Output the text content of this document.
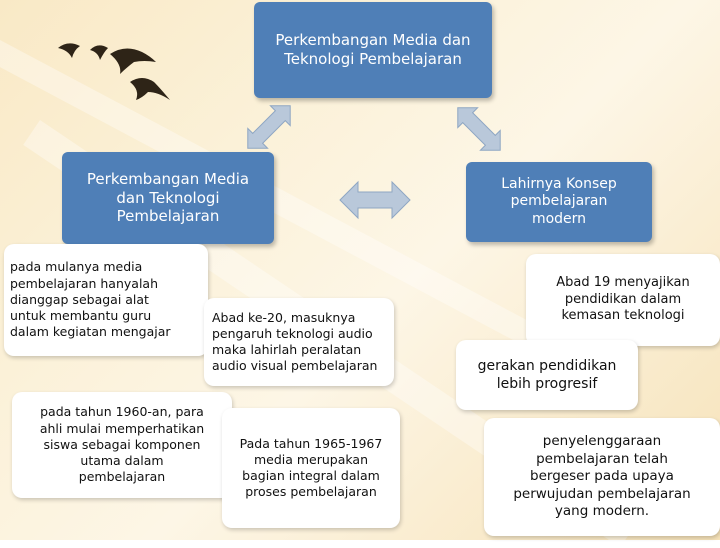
Perkembangan Media dan
Teknologi Pembelajaran
Perkembangan Media
dan Teknologi
Pembelajaran
Lahirnya Konsep
pembelajaran
modern
pada mulanya media
pembelajaran hanyalah
dianggap sebagai alat
untuk membantu guru
dalam kegiatan mengajar
Abad ke-20, masuknya
pengaruh teknologi audio
maka lahirlah peralatan
audio visual pembelajaran
pada tahun 1960-an, para
ahli mulai memperhatikan
siswa sebagai komponen
utama dalam
pembelajaran
Pada tahun 1965-1967
media merupakan
bagian integral dalam
proses pembelajaran
Abad 19 menyajikan
pendidikan dalam
kemasan teknologi
gerakan pendidikan
lebih progresif
penyelenggaraan
pembelajaran telah
bergeser pada upaya
perwujudan pembelajaran
yang modern.
